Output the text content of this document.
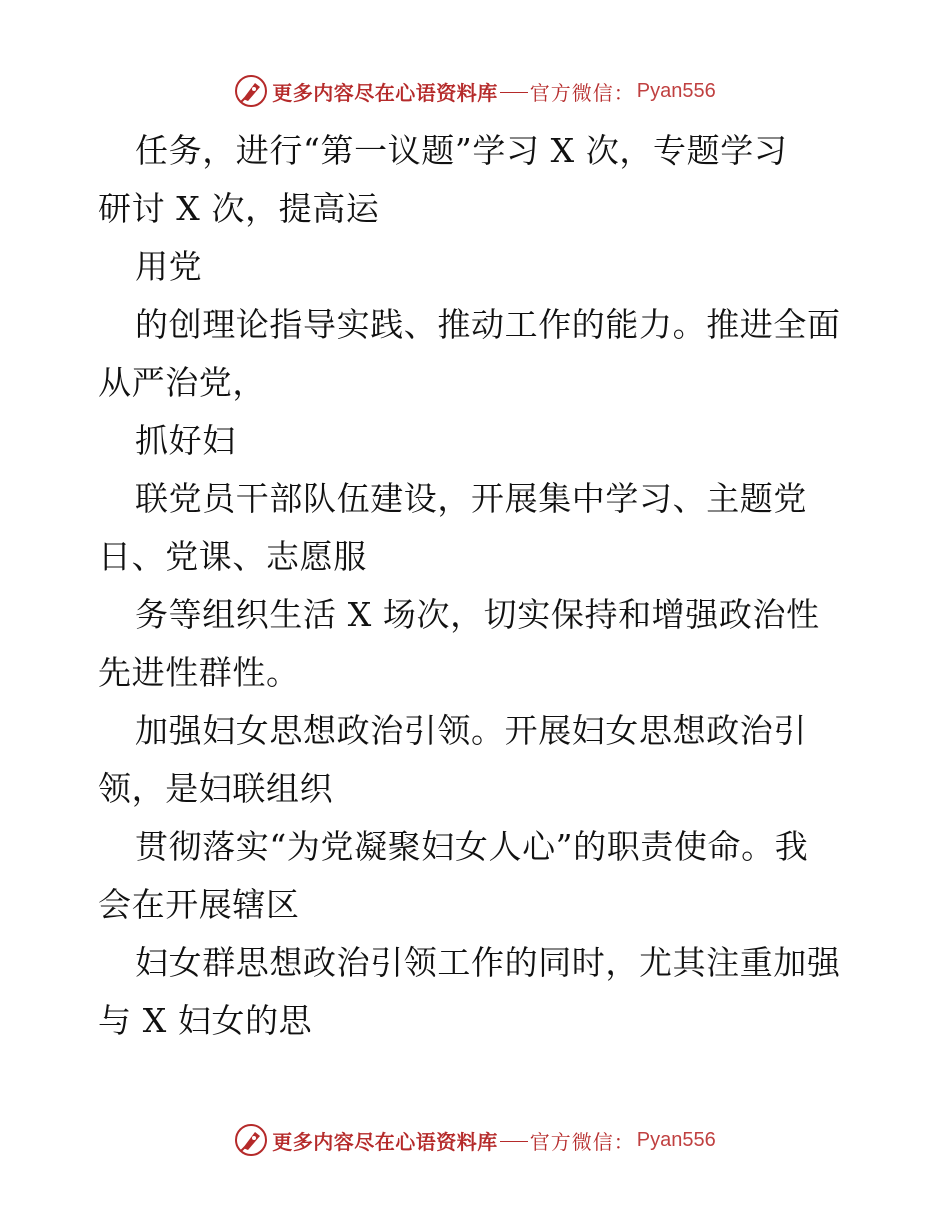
更多内容尽在心语资料库 官方微信： Pyan556
任务，进行“第一议题”学习 X 次，专题学习
研讨 X 次，提高运
用党
的创理论指导实践、推动工作的能力。推进全面
从严治党，
抓好妇
联党员干部队伍建设，开展集中学习、主题党
日、党课、志愿服
务等组织生活 X 场次，切实保持和增强政治性
先进性群性。
加强妇女思想政治引领。开展妇女思想政治引
领，是妇联组织
贯彻落实“为党凝聚妇女人心”的职责使命。我
会在开展辖区
妇女群思想政治引领工作的同时，尤其注重加强
与 X 妇女的思
更多内容尽在心语资料库 官方微信： Pyan556
